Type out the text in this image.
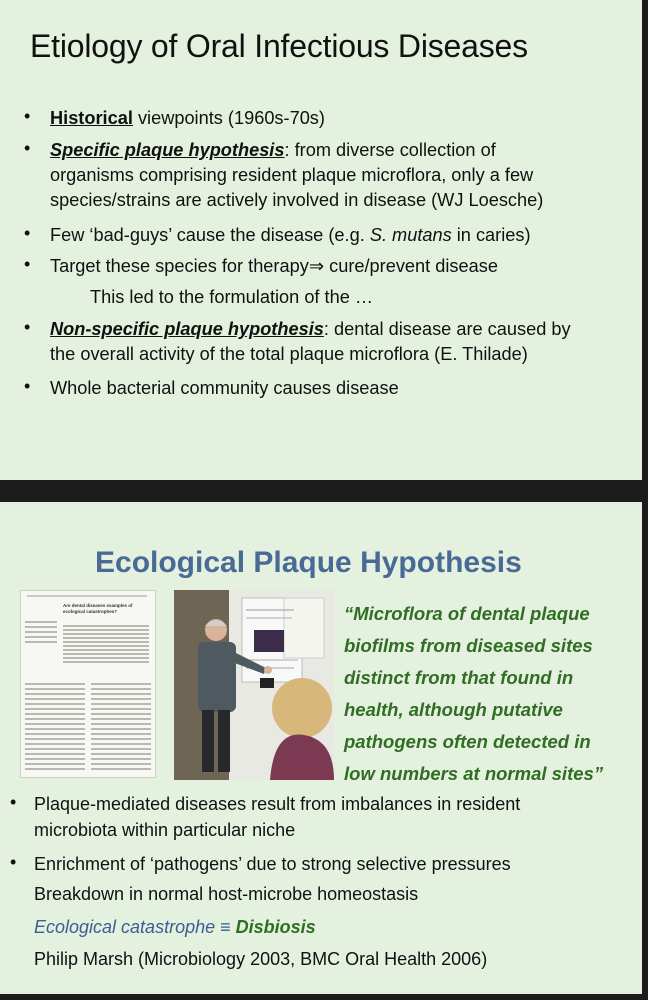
Etiology of Oral Infectious Diseases
• Historical viewpoints (1960s-70s)
• Specific plaque hypothesis: from diverse collection of
organisms comprising resident plaque microflora, only a few
species/strains are actively involved in disease (WJ Loesche)
• Few ‘bad-guys’ cause the disease (e.g. S. mutans in caries)
• Target these species for therapy⇒ cure/prevent disease
This led to the formulation of the …
• Non-specific plaque hypothesis: dental disease are caused by
the overall activity of the total plaque microflora (E. Thilade)
• Whole bacterial community causes disease
Ecological Plaque Hypothesis
Are dental diseases examples of ecological catastrophes?	“Microflora of dental plaque
biofilms from diseased sites
distinct from that found in
health, although putative
pathogens often detected in
low numbers at normal sites”
• Plaque-mediated diseases result from imbalances in resident
microbiota within particular niche
• Enrichment of ‘pathogens’ due to strong selective pressures
Breakdown in normal host-microbe homeostasis
Ecological catastrophe ≡ Disbiosis
Philip Marsh (Microbiology 2003, BMC Oral Health 2006)
